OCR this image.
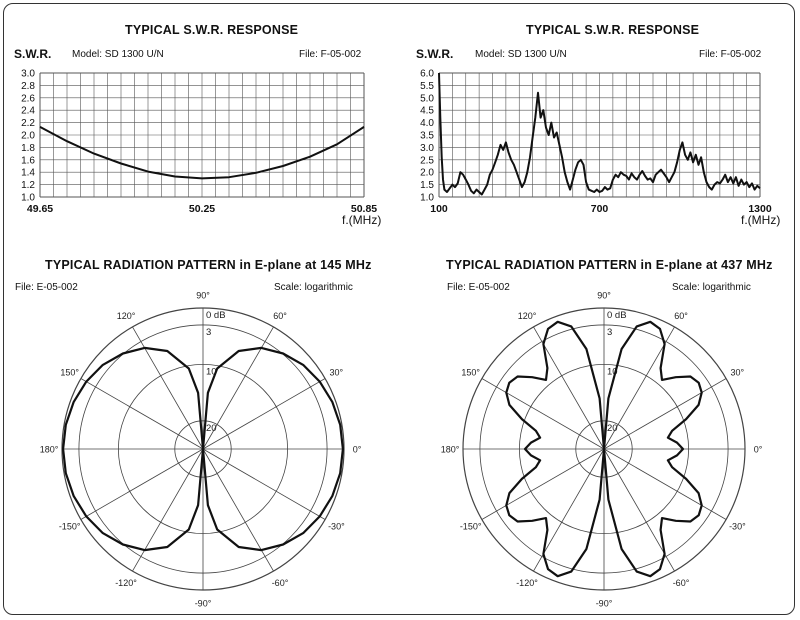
TYPICAL S.W.R. RESPONSE
S.W.R. Model: SD 1300 U/N	File: F-05-002
1.0
1.2
1.4
1.6
1.8
2.0
2.2
2.4
2.6
2.8
3.0
49.65	50.25	50.85
f.(MHz)
TYPICAL S.W.R. RESPONSE
S.W.R. Model: SD 1300 U/N	File: F-05-002
1.0
1.5
2.0
2.5
3.0
3.5
4.0
4.5
5.0
5.5
6.0
100	700	1300
f.(MHz)
TYPICAL RADIATION PATTERN in E-plane at 145 MHz
File: E-05-002	Scale: logarithmic
0°
30°
60°
90°
120°
150°
180°
-150°
-120°
-90°
-60°
-30°
0 dB
3
10
20
TYPICAL RADIATION PATTERN in E-plane at 437 MHz
File: E-05-002	Scale: logarithmic
0°
30°
60°
90°
120°
150°
180°
-150°
-120°
-90°
-60°
-30°
0 dB
3
10
20
